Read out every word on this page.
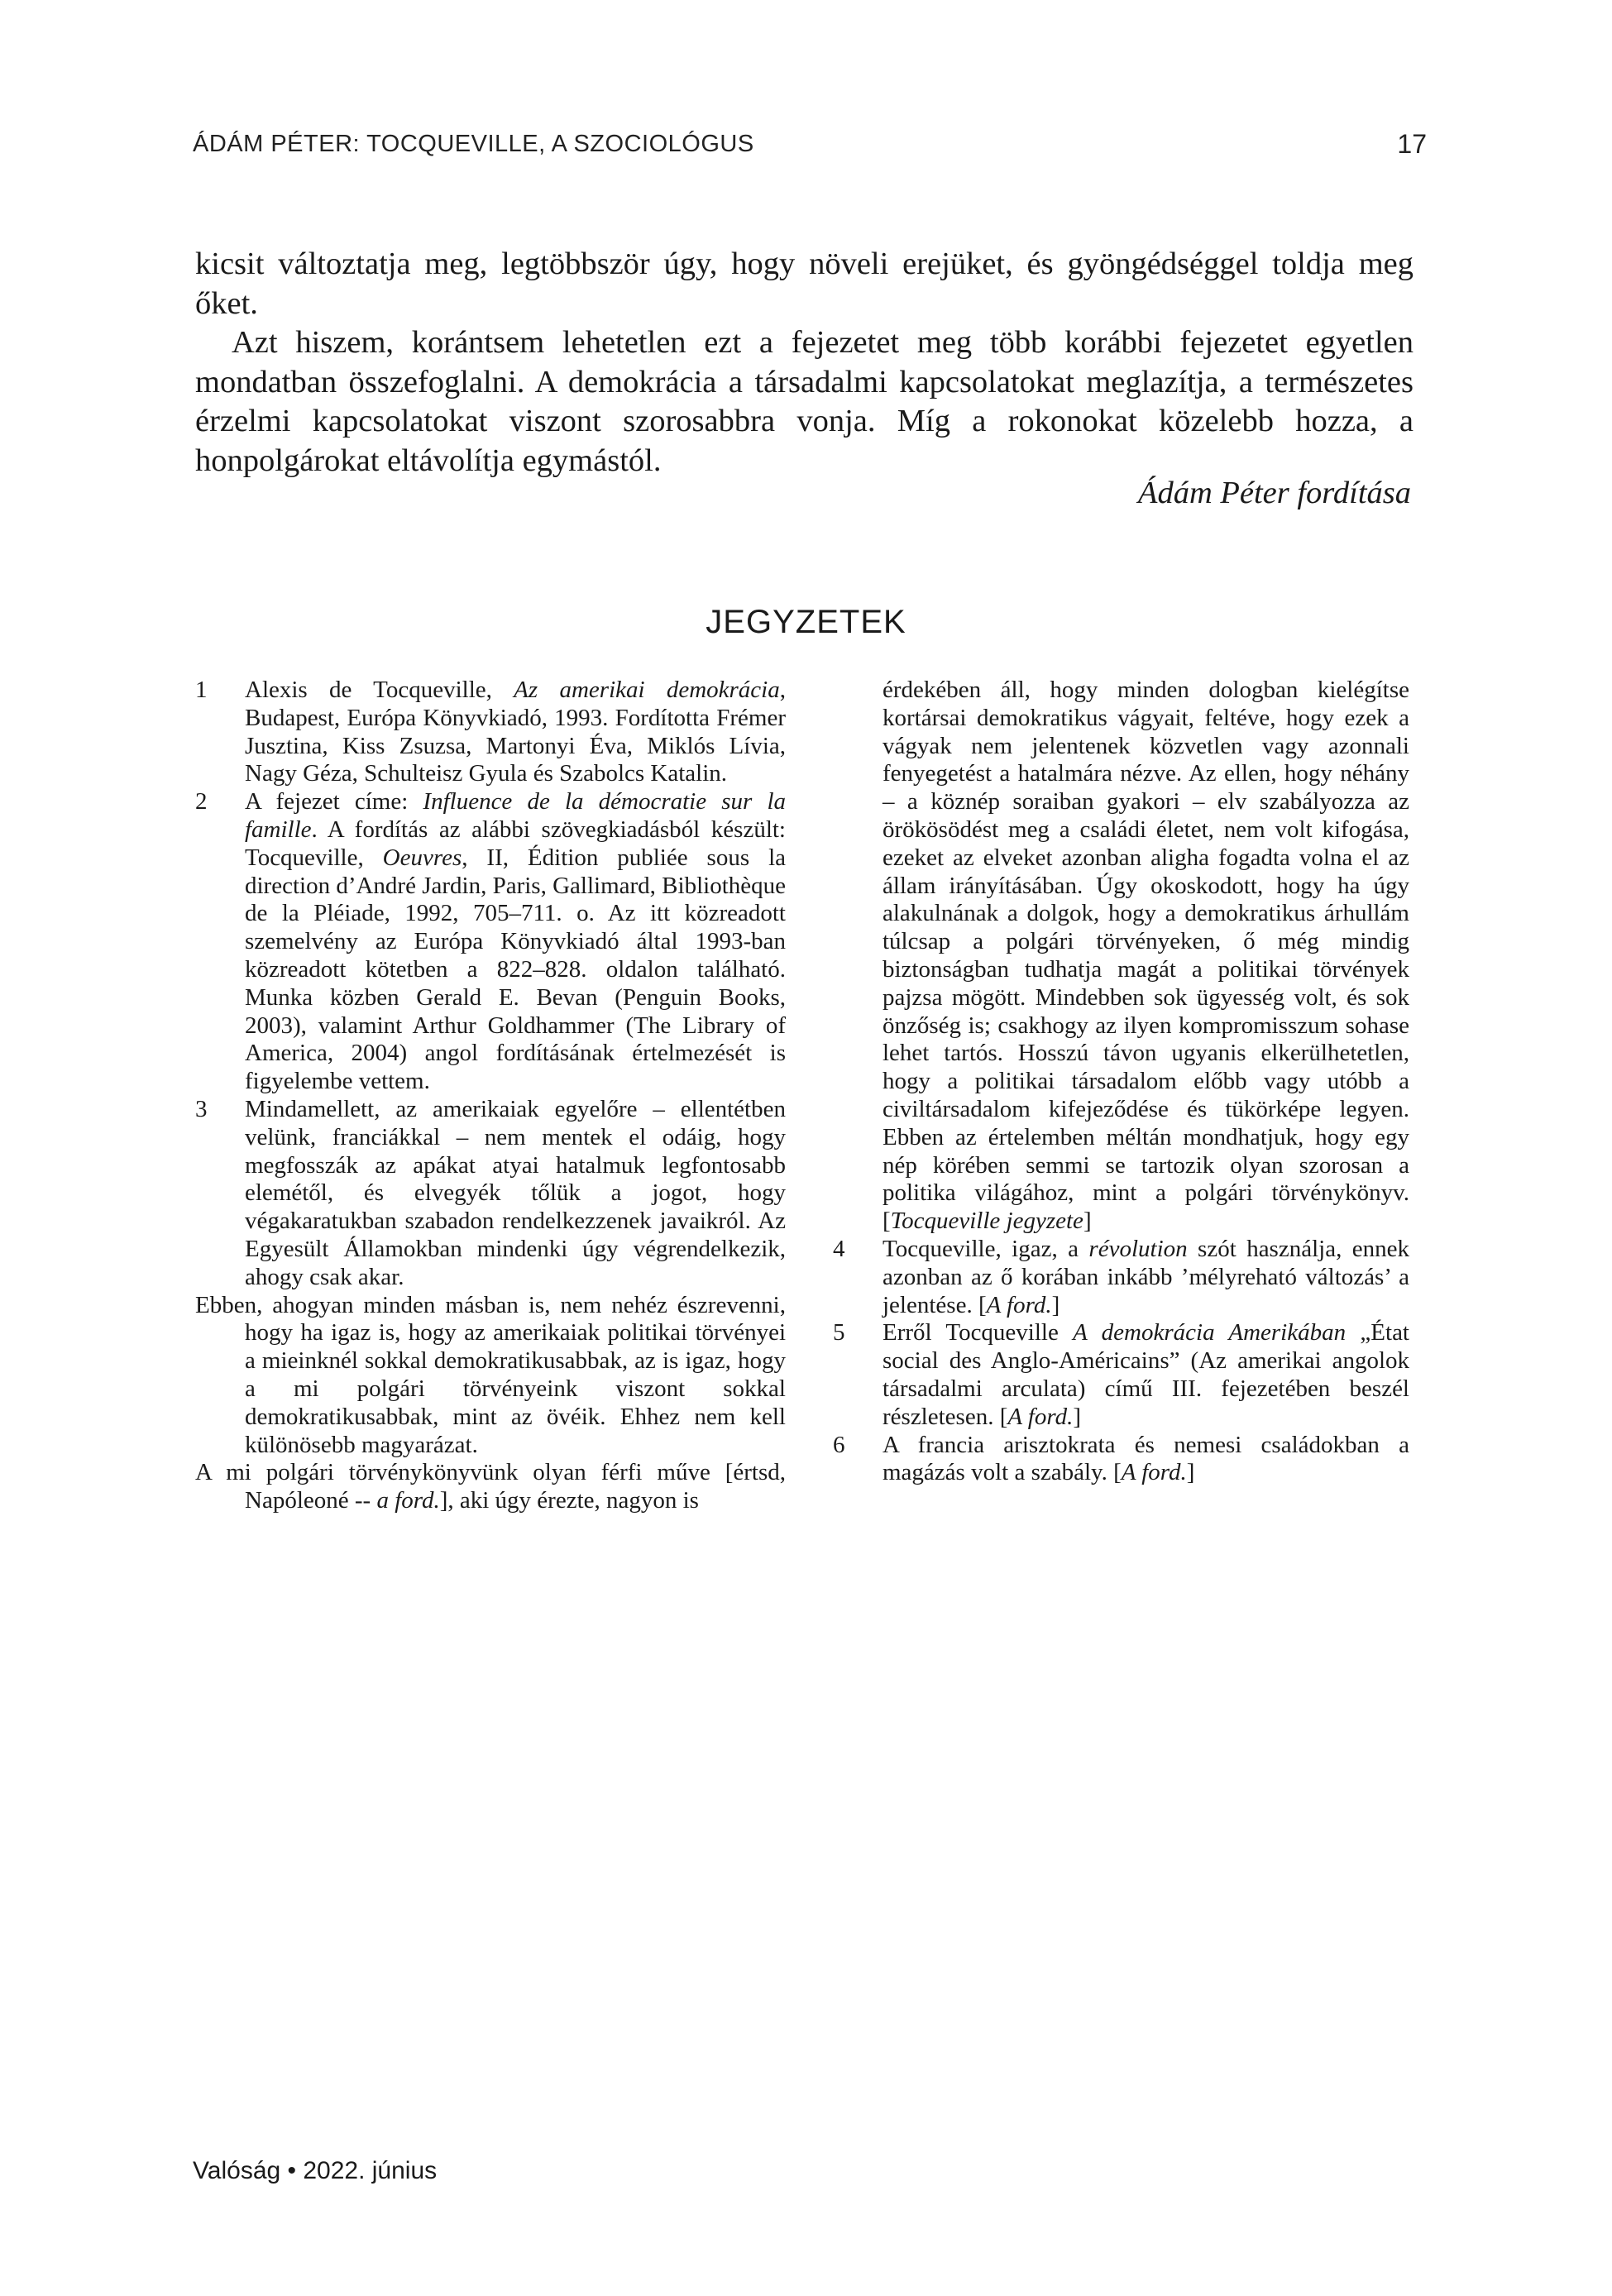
ÁDÁM PÉTER: TOCQUEVILLE, A SZOCIOLÓGUS	17

kicsit változtatja meg, legtöbbször úgy, hogy növeli erejüket, és gyöngédséggel toldja meg őket.

Azt hiszem, korántsem lehetetlen ezt a fejezetet meg több korábbi fejezetet egyetlen mondatban összefoglalni. A demokrácia a társadalmi kapcsolatokat meglazítja, a természetes érzelmi kapcsolatokat viszont szorosabbra vonja. Míg a rokonokat közelebb hozza, a honpolgárokat eltávolítja egymástól.

Ádám Péter fordítása
JEGYZETEK
1	Alexis de Tocqueville, Az amerikai demokrácia, Budapest, Európa Könyvkiadó, 1993. Fordította Frémer Jusztina, Kiss Zsuzsa, Martonyi Éva, Miklós Lívia, Nagy Géza, Schulteisz Gyula és Szabolcs Katalin.
2	A fejezet címe: Influence de la démocratie sur la famille. A fordítás az alábbi szövegkiadásból készült: Tocqueville, Oeuvres, II, Édition publiée sous la direction d’André Jardin, Paris, Gallimard, Bibliothèque de la Pléiade, 1992, 705–711. o. Az itt közreadott szemelvény az Európa Könyvkiadó által 1993-ban közreadott kötetben a 822–828. oldalon található. Munka közben Gerald E. Bevan (Penguin Books, 2003), valamint Arthur Goldhammer (The Library of America, 2004) angol fordításának értelmezését is figyelembe vettem.
3	Mindamellett, az amerikaiak egyelőre – ellentétben velünk, franciákkal – nem mentek el odáig, hogy megfosszák az apákat atyai hatalmuk legfontosabb elemétől, és elvegyék tőlük a jogot, hogy végakaratukban szabadon rendelkezzenek javaikról. Az Egyesült Államokban mindenki úgy végrendelkezik, ahogy csak akar.
Ebben, ahogyan minden másban is, nem nehéz észrevenni, hogy ha igaz is, hogy az amerikaiak politikai törvényei a mieinknél sokkal demokratikusabbak, az is igaz, hogy a mi polgári törvényeink viszont sokkal demokratikusabbak, mint az övéik. Ehhez nem kell különösebb magyarázat.
A mi polgári törvénykönyvünk olyan férfi műve [értsd, Napóleoné -- a ford.], aki úgy érezte, nagyon is
érdekében áll, hogy minden dologban kielégítse kortársai demokratikus vágyait, feltéve, hogy ezek a vágyak nem jelentenek közvetlen vagy azonnali fenyegetést a hatalmára nézve. Az ellen, hogy néhány – a köznép soraiban gyakori – elv szabályozza az örökösödést meg a családi életet, nem volt kifogása, ezeket az elveket azonban aligha fogadta volna el az állam irányításában. Úgy okoskodott, hogy ha úgy alakulnának a dolgok, hogy a demokratikus árhullám túlcsap a polgári törvényeken, ő még mindig biztonságban tudhatja magát a politikai törvények pajzsa mögött. Mindebben sok ügyesség volt, és sok önzőség is; csakhogy az ilyen kompromisszum sohase lehet tartós. Hosszú távon ugyanis elkerülhetetlen, hogy a politikai társadalom előbb vagy utóbb a civiltársadalom kifejeződése és tükörképe legyen. Ebben az értelemben méltán mondhatjuk, hogy egy nép körében semmi se tartozik olyan szorosan a politika világához, mint a polgári törvénykönyv. [Tocqueville jegyzete]
4	Tocqueville, igaz, a révolution szót használja, ennek azonban az ő korában inkább ’mélyreható változás’ a jelentése. [A ford.]
5	Erről Tocqueville A demokrácia Amerikában „État social des Anglo-Américains” (Az amerikai angolok társadalmi arculata) című III. fejezetében beszél részletesen. [A ford.]
6	A francia arisztokrata és nemesi családokban a magázás volt a szabály. [A ford.]
Valóság • 2022. június
